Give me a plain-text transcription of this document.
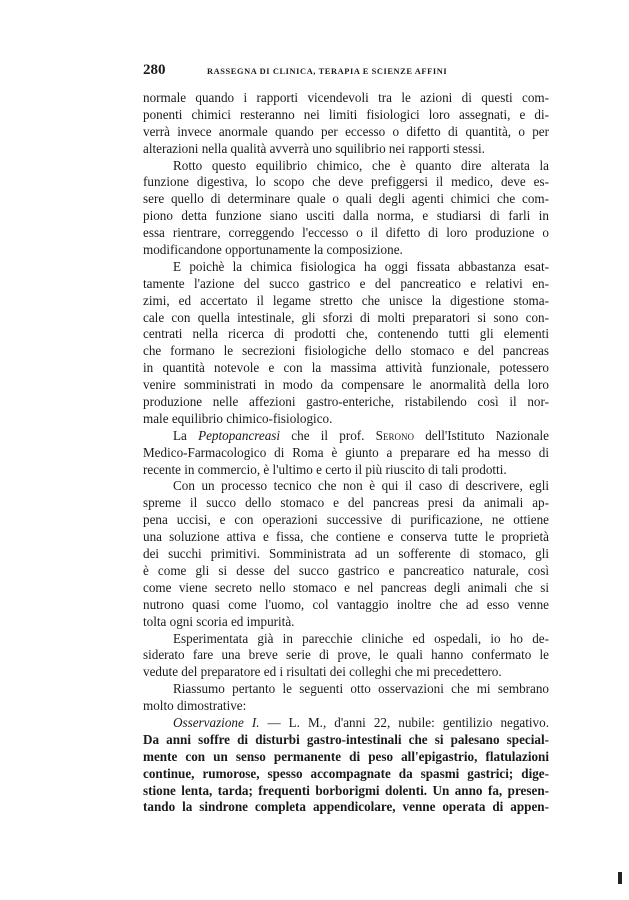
280	RASSEGNA DI CLINICA, TERAPIA E SCIENZE AFFINI
normale quando i rapporti vicendevoli tra le azioni di questi com-
ponenti chimici resteranno nei limiti fisiologici loro assegnati, e di-
verrà invece anormale quando per eccesso o difetto di quantità, o per
alterazioni nella qualità avverrà uno squilibrio nei rapporti stessi.
Rotto questo equilibrio chimico, che è quanto dire alterata la
funzione digestiva, lo scopo che deve prefiggersi il medico, deve es-
sere quello di determinare quale o quali degli agenti chimici che com-
piono detta funzione siano usciti dalla norma, e studiarsi di farli in
essa rientrare, correggendo l'eccesso o il difetto di loro produzione o
modificandone opportunamente la composizione.
E poichè la chimica fisiologica ha oggi fissata abbastanza esat-
tamente l'azione del succo gastrico e del pancreatico e relativi en-
zimi, ed accertato il legame stretto che unisce la digestione stoma-
cale con quella intestinale, gli sforzi di molti preparatori si sono con-
centrati nella ricerca di prodotti che, contenendo tutti gli elementi
che formano le secrezioni fisiologiche dello stomaco e del pancreas
in quantità notevole e con la massima attività funzionale, potessero
venire somministrati in modo da compensare le anormalità della loro
produzione nelle affezioni gastro-enteriche, ristabilendo così il nor-
male equilibrio chimico-fisiologico.
La Peptopancreasi che il prof. Serono dell'Istituto Nazionale
Medico-Farmacologico di Roma è giunto a preparare ed ha messo di
recente in commercio, è l'ultimo e certo il più riuscito di tali prodotti.
Con un processo tecnico che non è qui il caso di descrivere, egli
spreme il succo dello stomaco e del pancreas presi da animali ap-
pena uccisi, e con operazioni successive di purificazione, ne ottiene
una soluzione attiva e fissa, che contiene e conserva tutte le proprietà
dei succhi primitivi. Somministrata ad un sofferente di stomaco, gli
è come gli si desse del succo gastrico e pancreatico naturale, così
come viene secreto nello stomaco e nel pancreas degli animali che si
nutrono quasi come l'uomo, col vantaggio inoltre che ad esso venne
tolta ogni scoria ed impurità.
Esperimentata già in parecchie cliniche ed ospedali, io ho de-
siderato fare una breve serie di prove, le quali hanno confermato le
vedute del preparatore ed i risultati dei colleghi che mi precedettero.
Riassumo pertanto le seguenti otto osservazioni che mi sembrano
molto dimostrative:
Osservazione I. — L. M., d'anni 22, nubile: gentilizio negativo.
Da anni soffre di disturbi gastro-intestinali che si palesano special-
mente con un senso permanente di peso all'epigastrio, flatulazioni
continue, rumorose, spesso accompagnate da spasmi gastrici; dige-
stione lenta, tarda; frequenti borborigmi dolenti. Un anno fa, presen-
tando la sindrone completa appendicolare, venne operata di appen-
